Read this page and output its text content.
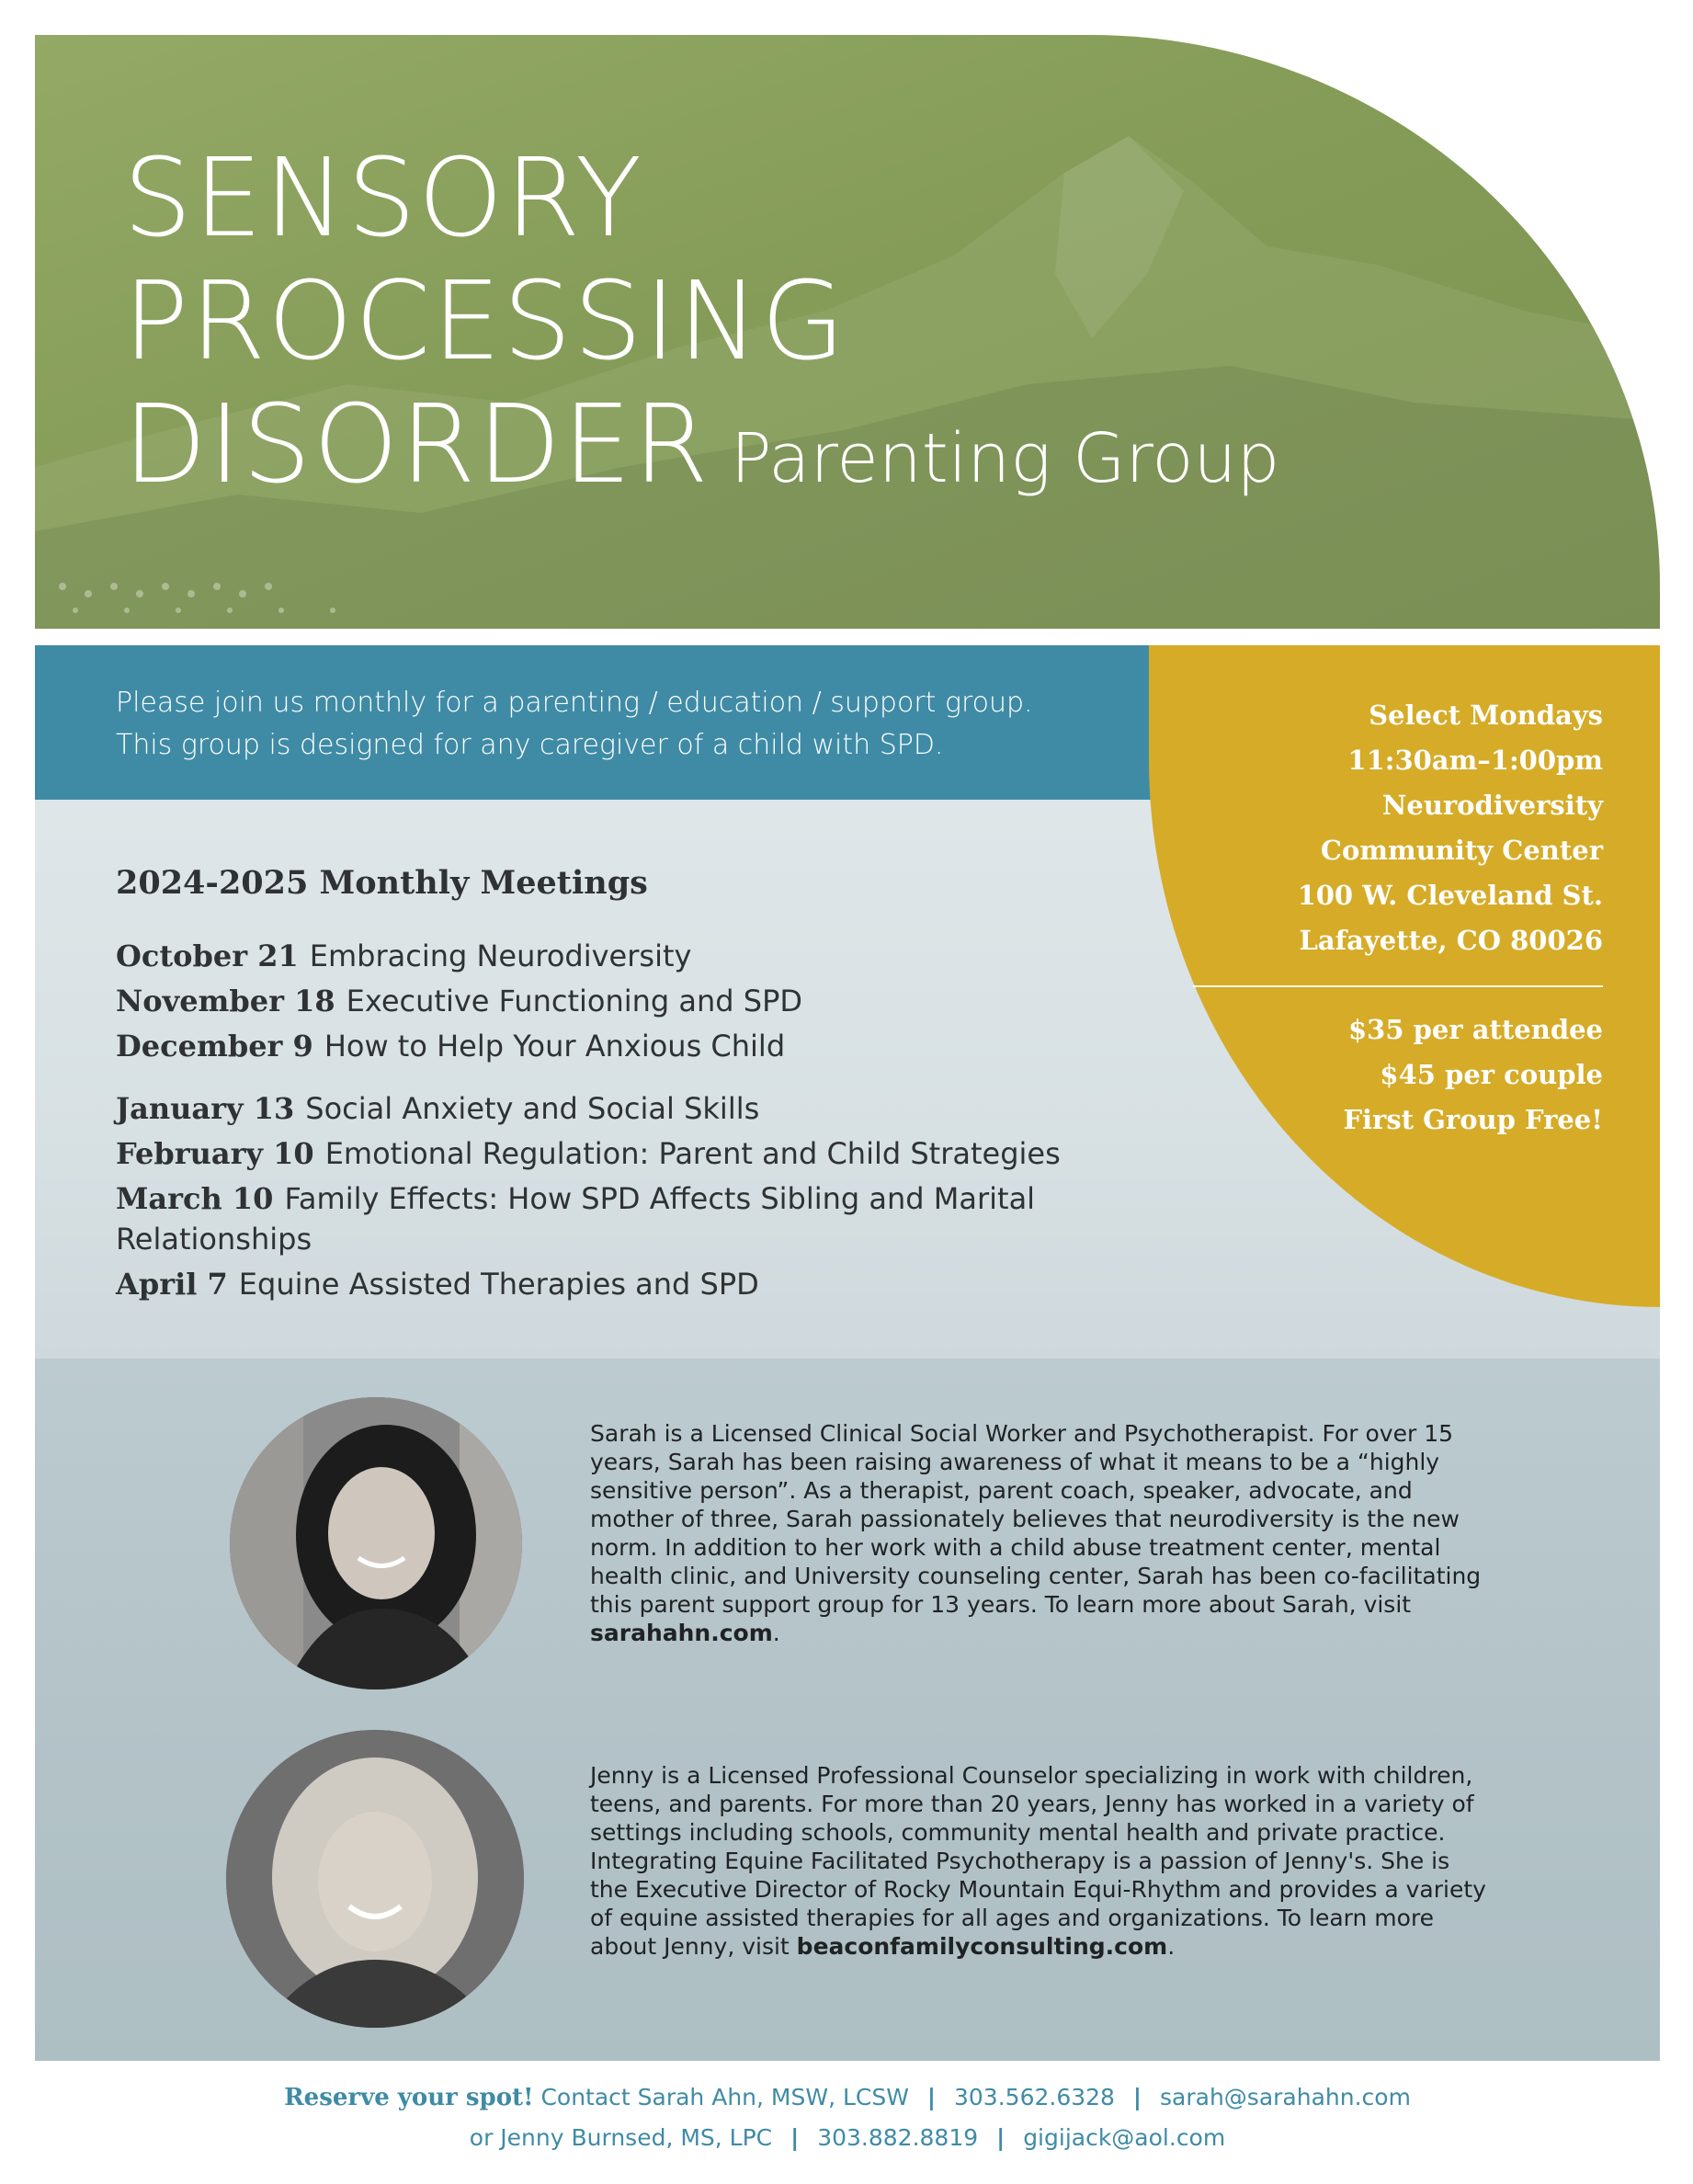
SENSORY
PROCESSING
DISORDER Parenting Group

Please join us monthly for a parenting / education / support group.
This group is designed for any caregiver of a child with SPD.

2024-2025 Monthly Meetings
October 21 Embracing Neurodiversity
November 18 Executive Functioning and SPD
December 9 How to Help Your Anxious Child
January 13 Social Anxiety and Social Skills
February 10 Emotional Regulation: Parent and Child Strategies
March 10 Family Effects: How SPD Affects Sibling and Marital Relationships
April 7 Equine Assisted Therapies and SPD
Select Mondays
11:30am–1:00pm
Neurodiversity
Community Center
100 W. Cleveland St.
Lafayette, CO 80026
$35 per attendee
$45 per couple
First Group Free!

Sarah is a Licensed Clinical Social Worker and Psychotherapist. For over 15 years, Sarah has been raising awareness of what it means to be a “highly sensitive person”. As a therapist, parent coach, speaker, advocate, and mother of three, Sarah passionately believes that neurodiversity is the new norm. In addition to her work with a child abuse treatment center, mental health clinic, and University counseling center, Sarah has been co-facilitating this parent support group for 13 years. To learn more about Sarah, visit sarahahn.com.

Jenny is a Licensed Professional Counselor specializing in work with children, teens, and parents. For more than 20 years, Jenny has worked in a variety of settings including schools, community mental health and private practice. Integrating Equine Facilitated Psychotherapy is a passion of Jenny's. She is the Executive Director of Rocky Mountain Equi-Rhythm and provides a variety of equine assisted therapies for all ages and organizations. To learn more about Jenny, visit beaconfamilyconsulting.com.

Reserve your spot! Contact Sarah Ahn, MSW, LCSW | 303.562.6328 | sarah@sarahahn.com
or Jenny Burnsed, MS, LPC | 303.882.8819 | gigijack@aol.com
